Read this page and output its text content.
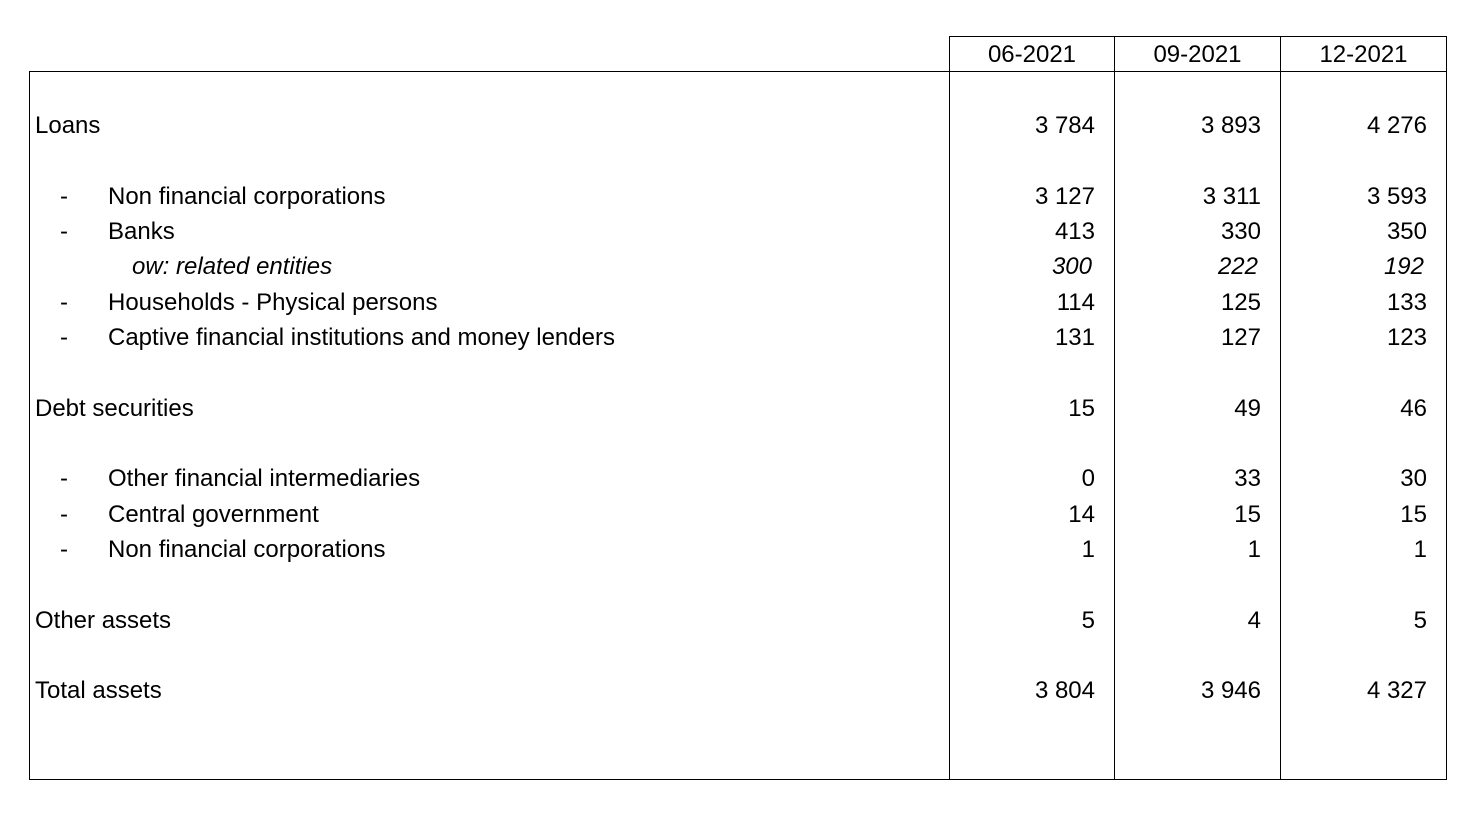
06-2021	09-2021	12-2021
Loans	3 784	3 893	4 276
- Non financial corporations	3 127	3 311	3 593
- Banks	413	330	350
ow: related entities	300	222	192
- Households - Physical persons	114	125	133
- Captive financial institutions and money lenders	131	127	123
Debt securities	15	49	46
- Other financial intermediaries	0	33	30
- Central government	14	15	15
- Non financial corporations	1	1	1
Other assets	5	4	5
Total assets	3 804	3 946	4 327
